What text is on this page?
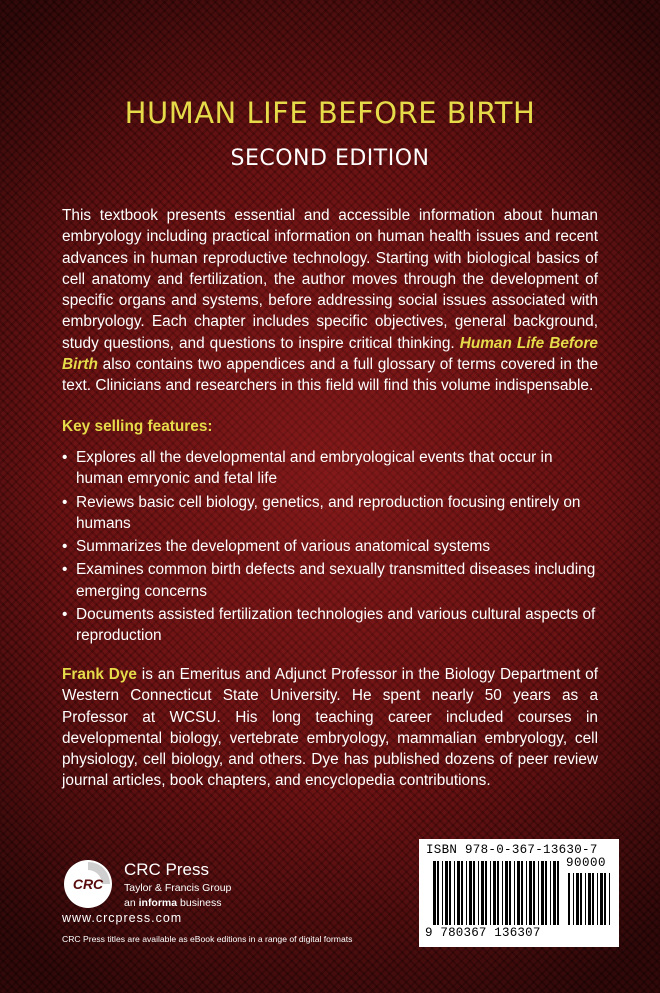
HUMAN LIFE BEFORE BIRTH
SECOND EDITION
This textbook presents essential and accessible information about human embryology including practical information on human health issues and recent advances in human reproductive technology. Starting with biological basics of cell anatomy and fertilization, the author moves through the development of specific organs and systems, before addressing social issues associated with embryology. Each chapter includes specific objectives, general background, study questions, and questions to inspire critical thinking. Human Life Before Birth also contains two appendices and a full glossary of terms covered in the text. Clinicians and researchers in this field will find this volume indispensable.
Key selling features:
• Explores all the developmental and embryological events that occur in human emryonic and fetal life
• Reviews basic cell biology, genetics, and reproduction focusing entirely on humans
• Summarizes the development of various anatomical systems
• Examines common birth defects and sexually transmitted diseases including emerging concerns
• Documents assisted fertilization technologies and various cultural aspects of reproduction
Frank Dye is an Emeritus and Adjunct Professor in the Biology Department of Western Connecticut State University. He spent nearly 50 years as a Professor at WCSU. His long teaching career included courses in developmental biology, vertebrate embryology, mammalian embryology, cell physiology, cell biology, and others. Dye has published dozens of peer review journal articles, book chapters, and encyclopedia contributions.
CRC
CRC Press
Taylor & Francis Group
an informa business
www.crcpress.com
CRC Press titles are available as eBook editions in a range of digital formats
ISBN 978-0-367-13630-7
90000
9 780367 136307
